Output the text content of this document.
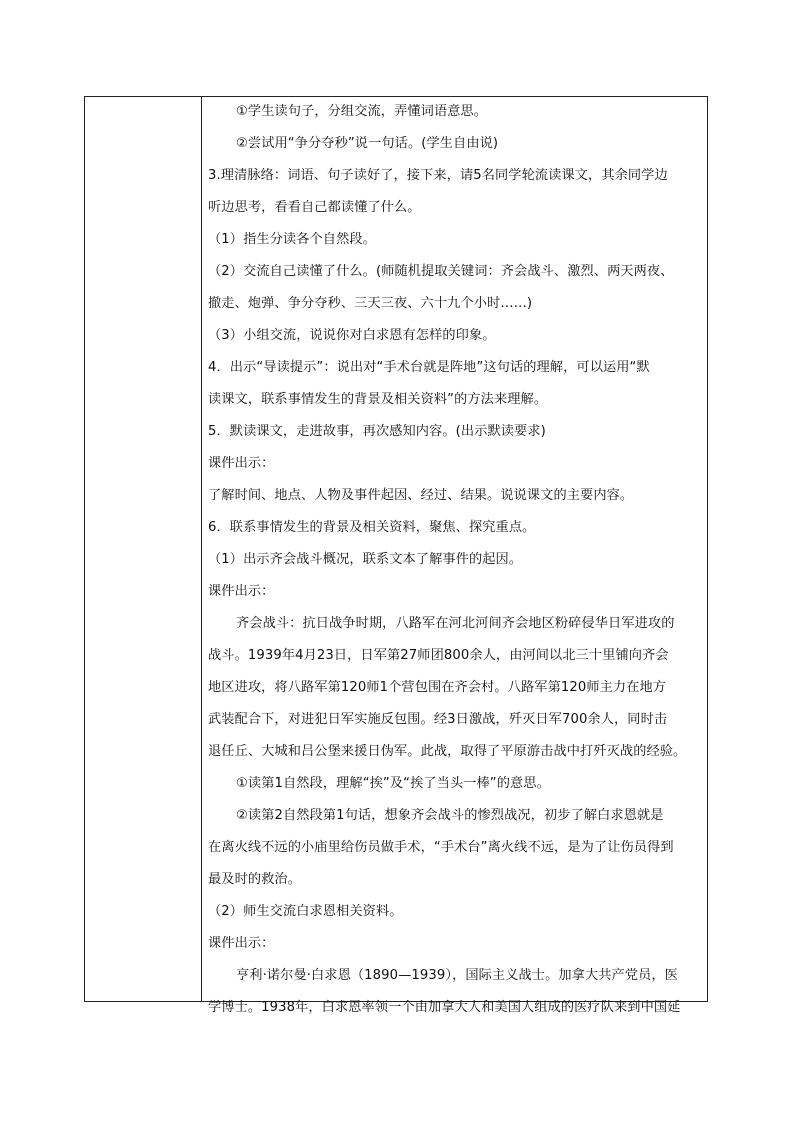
①学生读句子，分组交流，弄懂词语意思。
②尝试用“争分夺秒”说一句话。(学生自由说)
3.理清脉络：词语、句子读好了，接下来，请5名同学轮流读课文，其余同学边
听边思考，看看自己都读懂了什么。
（1）指生分读各个自然段。
（2）交流自己读懂了什么。(师随机提取关键词：齐会战斗、激烈、两天两夜、
撤走、炮弹、争分夺秒、三天三夜、六十九个小时……)
（3）小组交流，说说你对白求恩有怎样的印象。
4．出示“导读提示”：说出对“手术台就是阵地”这句话的理解，可以运用“默
读课文，联系事情发生的背景及相关资料”的方法来理解。
5．默读课文，走进故事，再次感知内容。(出示默读要求)
课件出示：
了解时间、地点、人物及事件起因、经过、结果。说说课文的主要内容。
6．联系事情发生的背景及相关资料，聚焦、探究重点。
（1）出示齐会战斗概况，联系文本了解事件的起因。
课件出示：
齐会战斗：抗日战争时期，八路军在河北河间齐会地区粉碎侵华日军进攻的
战斗。1939年4月23日，日军第27师团800余人，由河间以北三十里铺向齐会
地区进攻，将八路军第120师1个营包围在齐会村。八路军第120师主力在地方
武装配合下，对进犯日军实施反包围。经3日激战，歼灭日军700余人，同时击
退任丘、大城和吕公堡来援日伪军。此战，取得了平原游击战中打歼灭战的经验。
①读第1自然段，理解“挨”及“挨了当头一棒”的意思。
②读第2自然段第1句话，想象齐会战斗的惨烈战况，初步了解白求恩就是
在离火线不远的小庙里给伤员做手术，“手术台”离火线不远，是为了让伤员得到
最及时的救治。
（2）师生交流白求恩相关资料。
课件出示：
亨利·诺尔曼·白求恩（1890—1939），国际主义战士。加拿大共产党员，医
学博士。1938年，白求恩率领一个由加拿大人和美国人组成的医疗队来到中国延
